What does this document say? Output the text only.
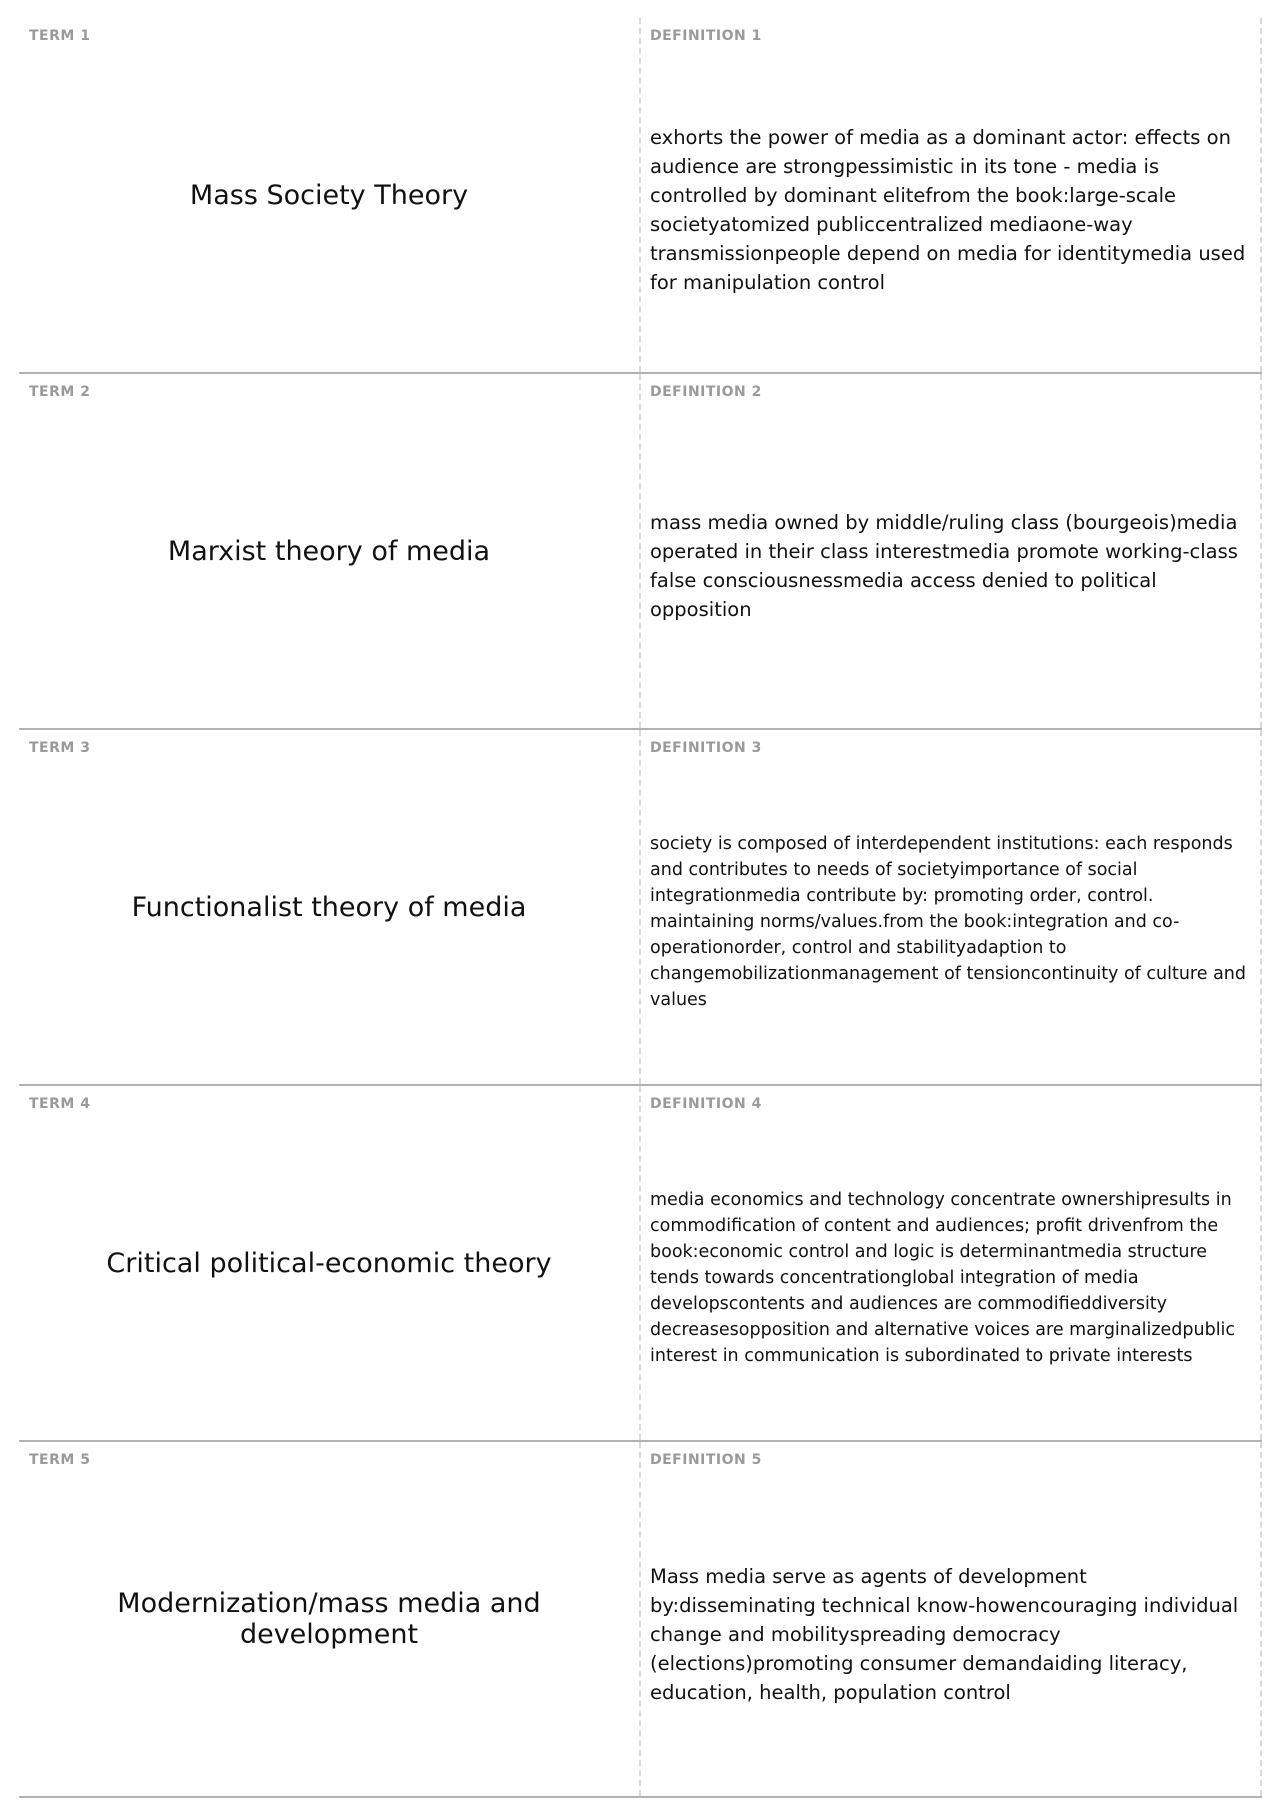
TERM 1
Mass Society Theory
DEFINITION 1
exhorts the power of media as a dominant actor: effects on audience are strongpessimistic in its tone - media is controlled by dominant elitefrom the book:large-scale societyatomized publiccentralized mediaone-way transmissionpeople depend on media for identitymedia used for manipulation control
TERM 2
Marxist theory of media
DEFINITION 2
mass media owned by middle/ruling class (bourgeois)media operated in their class interestmedia promote working-class false consciousnessmedia access denied to political opposition
TERM 3
Functionalist theory of media
DEFINITION 3
society is composed of interdependent institutions: each responds and contributes to needs of societyimportance of social integrationmedia contribute by: promoting order, control. maintaining norms/values.from the book:integration and co-operationorder, control and stabilityadaption to changemobilizationmanagement of tensioncontinuity of culture and values
TERM 4
Critical political-economic theory
DEFINITION 4
media economics and technology concentrate ownershipresults in commodification of content and audiences; profit drivenfrom the book:economic control and logic is determinantmedia structure tends towards concentrationglobal integration of media developscontents and audiences are commodifieddiversity decreasesopposition and alternative voices are marginalizedpublic interest in communication is subordinated to private interests
TERM 5
Modernization/mass media and development
DEFINITION 5
Mass media serve as agents of development by:disseminating technical know-howencouraging individual change and mobilityspreading democracy (elections)promoting consumer demandaiding literacy, education, health, population control
